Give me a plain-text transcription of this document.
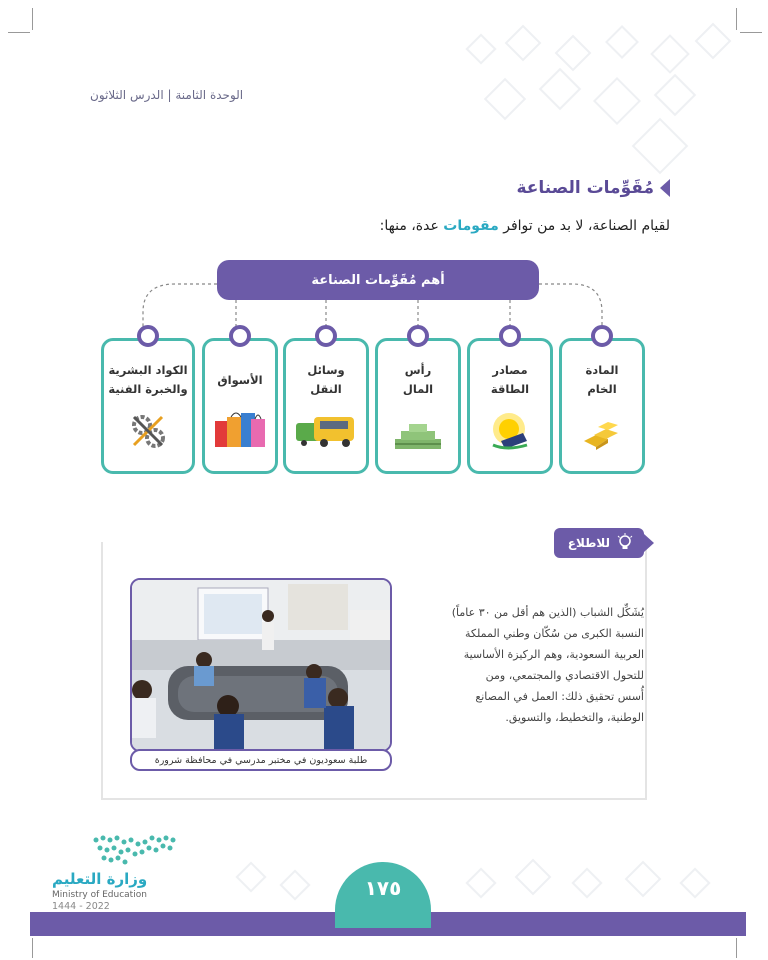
الوحدة الثامنة | الدرس الثلاثون
مُقَوِّمات الصناعة
لقيام الصناعة، لا بد من توافر مقومات عدة، منها:
أهم مُقَوِّمات الصناعة
المادة
الخام
مصادر
الطاقة
رأس
المال
وسائل
النقل
الأسواق
الكواد البشرية
والخبرة الفنية
للاطلاع
يُشَكِّل الشباب (الذين هم أقل من ٣٠ عاماً)
النسبة الكبرى من سُكّان وطني المملكة
العربية السعودية، وهم الركيزة الأساسية
للتحول الاقتصادي والمجتمعي، ومن
أُسس تحقيق ذلك: العمل في المصانع
الوطنية، والتخطيط، والتسويق.
طلبة سعوديون في مختبر مدرسي في محافظة شرورة
وزارة التعليم
Ministry of Education
2022 - 1444
١٧٥
